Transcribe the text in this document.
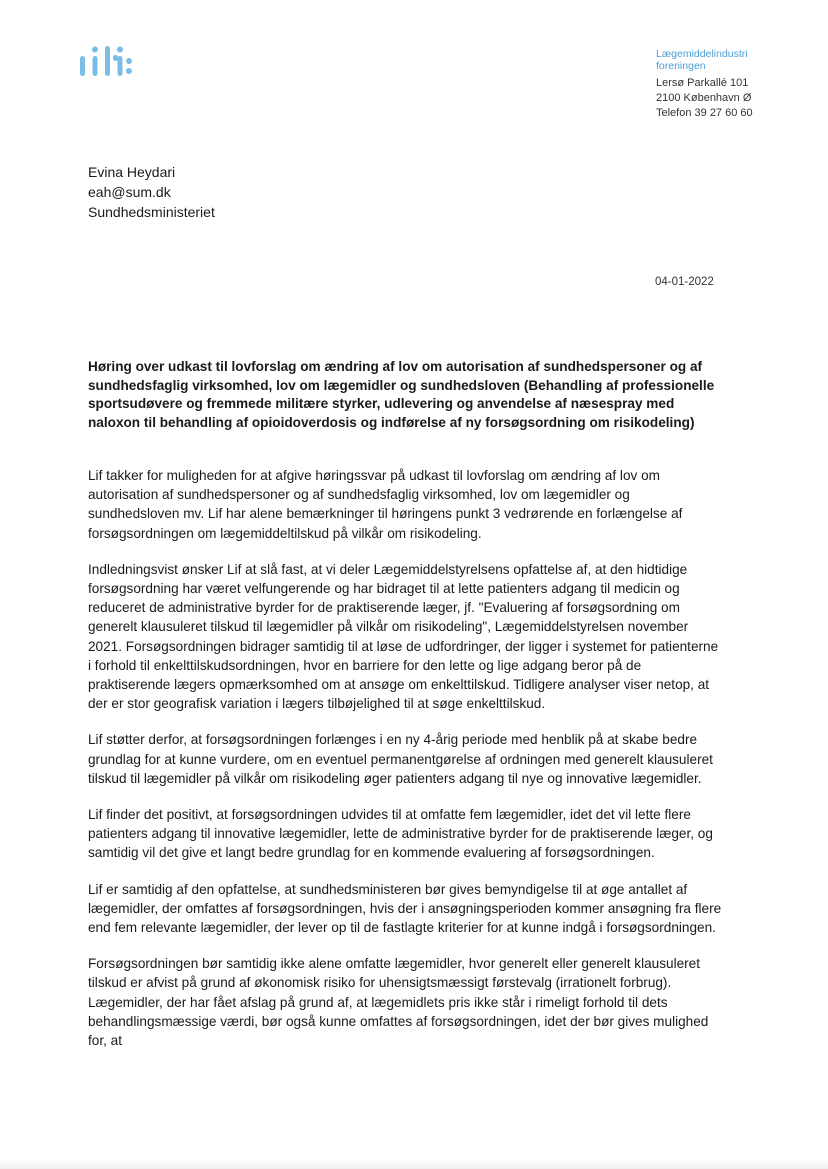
Lægemiddelindustri
foreningen
Lersø Parkallé 101
2100 København Ø
Telefon 39 27 60 60
Evina Heydari
eah@sum.dk
Sundhedsministeriet
04-01-2022

Høring over udkast til lovforslag om ændring af lov om autorisation af sundhedspersoner og af sundhedsfaglig virksomhed, lov om lægemidler og sundhedsloven (Behandling af professionelle sportsudøvere og fremmede militære styrker, udlevering og anvendelse af næsespray med naloxon til behandling af opioidoverdosis og indførelse af ny forsøgsordning om risikodeling)

Lif takker for muligheden for at afgive høringssvar på udkast til lovforslag om ændring af lov om autorisation af sundhedspersoner og af sundhedsfaglig virksomhed, lov om lægemidler og sundhedsloven mv. Lif har alene bemærkninger til høringens punkt 3 vedrørende en forlængelse af forsøgsordningen om lægemiddeltilskud på vilkår om risikodeling.

Indledningsvist ønsker Lif at slå fast, at vi deler Lægemiddelstyrelsens opfattelse af, at den hidtidige forsøgsordning har været velfungerende og har bidraget til at lette patienters adgang til medicin og reduceret de administrative byrder for de praktiserende læger, jf. "Evaluering af forsøgsordning om generelt klausuleret tilskud til lægemidler på vilkår om risikodeling", Lægemiddelstyrelsen november 2021. Forsøgsordningen bidrager samtidig til at løse de udfordringer, der ligger i systemet for patienterne i forhold til enkelttilskudsordningen, hvor en barriere for den lette og lige adgang beror på de praktiserende lægers opmærksomhed om at ansøge om enkelttilskud. Tidligere analyser viser netop, at der er stor geografisk variation i lægers tilbøjelighed til at søge enkelttilskud.

Lif støtter derfor, at forsøgsordningen forlænges i en ny 4-årig periode med henblik på at skabe bedre grundlag for at kunne vurdere, om en eventuel permanentgørelse af ordningen med generelt klausuleret tilskud til lægemidler på vilkår om risikodeling øger patienters adgang til nye og innovative lægemidler.

Lif finder det positivt, at forsøgsordningen udvides til at omfatte fem lægemidler, idet det vil lette flere patienters adgang til innovative lægemidler, lette de administrative byrder for de praktiserende læger, og samtidig vil det give et langt bedre grundlag for en kommende evaluering af forsøgsordningen.

Lif er samtidig af den opfattelse, at sundhedsministeren bør gives bemyndigelse til at øge antallet af lægemidler, der omfattes af forsøgsordningen, hvis der i ansøgningsperioden kommer ansøgning fra flere end fem relevante lægemidler, der lever op til de fastlagte kriterier for at kunne indgå i forsøgsordningen.

Forsøgsordningen bør samtidig ikke alene omfatte lægemidler, hvor generelt eller generelt klausuleret tilskud er afvist på grund af økonomisk risiko for uhensigtsmæssigt førstevalg (irrationelt forbrug). Lægemidler, der har fået afslag på grund af, at lægemidlets pris ikke står i rimeligt forhold til dets behandlingsmæssige værdi, bør også kunne omfattes af forsøgsordningen, idet der bør gives mulighed for, at
